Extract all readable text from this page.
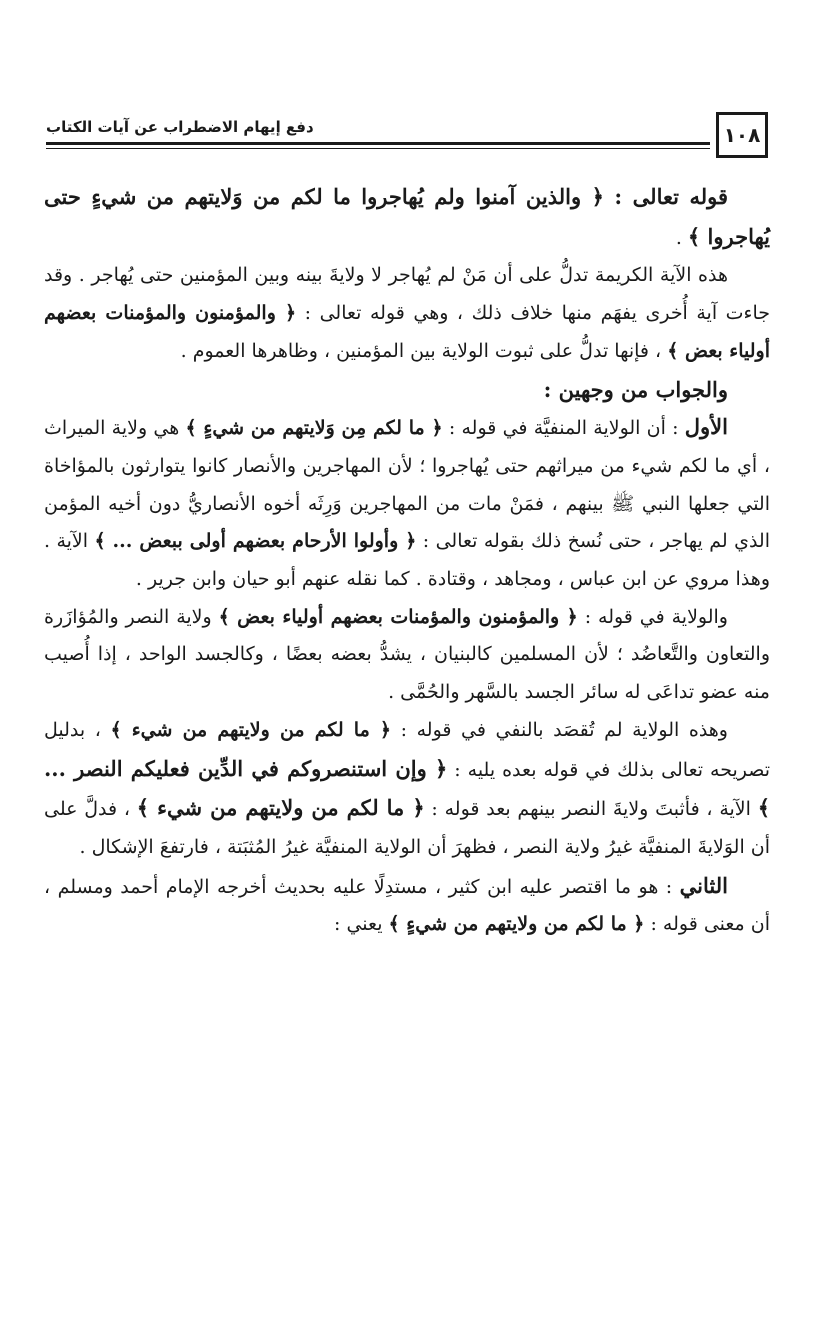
١٠٨
دفع إيهام الاضطراب عن آيات الكتاب

قوله تعالى : ﴿ والذين آمنوا ولم يُهاجروا ما لكم من وَلايتهم من شيءٍ حتى يُهاجروا ﴾ .

هذه الآية الكريمة تدلُّ على أن مَنْ لم يُهاجر لا ولايةَ بينه وبين المؤمنين حتى يُهاجر . وقد جاءت آية أُخرى يفهَم منها خلاف ذلك ، وهي قوله تعالى : ﴿ والمؤمنون والمؤمنات بعضهم أولياء بعض ﴾ ، فإنها تدلُّ على ثبوت الولاية بين المؤمنين ، وظاهرها العموم .

والجواب من وجهين :

الأول : أن الولاية المنفيَّة في قوله : ﴿ ما لكم مِن وَلايتهم من شيءٍ ﴾ هي ولاية الميراث ، أي ما لكم شيء من ميراثهم حتى يُهاجروا ؛ لأن المهاجرين والأنصار كانوا يتوارثون بالمؤاخاة التي جعلها النبي ﷺ بينهم ، فمَنْ مات من المهاجرين وَرِثَه أخوه الأنصاريُّ دون أخيه المؤمن الذي لم يهاجر ، حتى نُسخ ذلك بقوله تعالى : ﴿ وأولوا الأرحام بعضهم أولى ببعض ... ﴾ الآية . وهذا مروي عن ابن عباس ، ومجاهد ، وقتادة . كما نقله عنهم أبو حيان وابن جرير .

والولاية في قوله : ﴿ والمؤمنون والمؤمنات بعضهم أولياء بعض ﴾ ولاية النصر والمُؤازَرة والتعاون والتَّعاضُد ؛ لأن المسلمين كالبنيان ، يشدُّ بعضه بعضًا ، وكالجسد الواحد ، إذا أُصيب منه عضو تداعَى له سائر الجسد بالسَّهر والحُمَّى .

وهذه الولاية لم تُقصَد بالنفي في قوله : ﴿ ما لكم من ولايتهم من شيء ﴾ ، بدليل تصريحه تعالى بذلك في قوله بعده يليه : ﴿ وإن استنصروكم في الدِّين فعليكم النصر ... ﴾ الآية ، فأثبتَ ولايةَ النصر بينهم بعد قوله : ﴿ ما لكم من ولايتهم من شيء ﴾ ، فدلَّ على أن الوَلايةَ المنفيَّة غيرُ ولاية النصر ، فظهرَ أن الولاية المنفيَّة غيرُ المُثبَتة ، فارتفعَ الإشكال .

الثاني : هو ما اقتصر عليه ابن كثير ، مستدِلًا عليه بحديث أخرجه الإمام أحمد ومسلم ، أن معنى قوله : ﴿ ما لكم من ولايتهم من شيءٍ ﴾ يعني :
